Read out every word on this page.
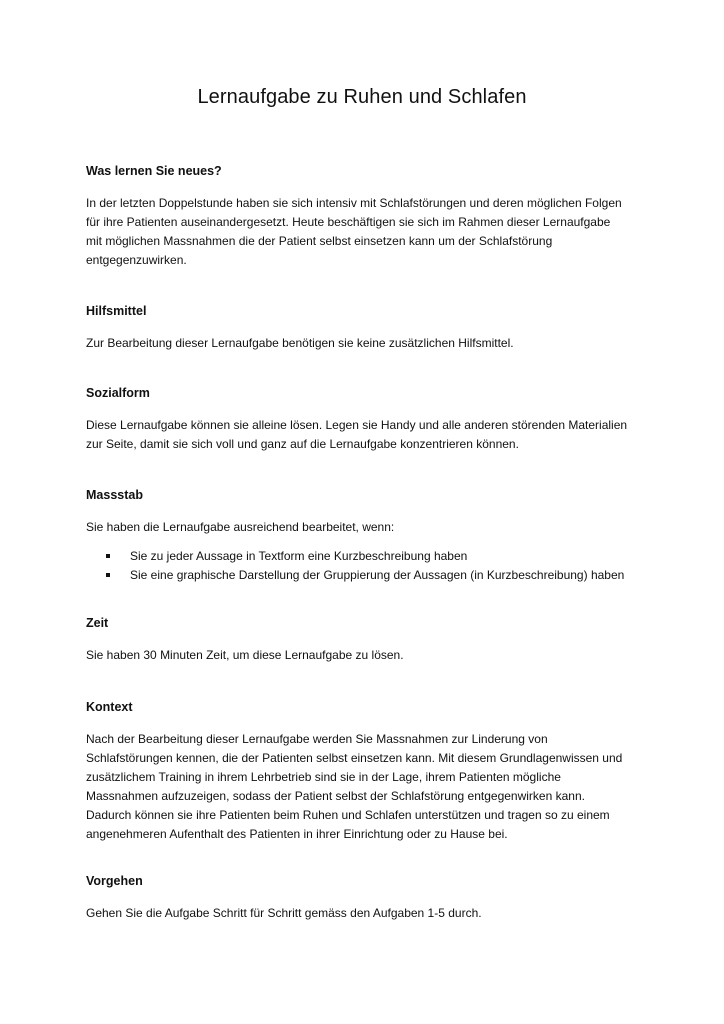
Lernaufgabe zu Ruhen und Schlafen
Was lernen Sie neues?

In der letzten Doppelstunde haben sie sich intensiv mit Schlafstörungen und deren möglichen Folgen

für ihre Patienten auseinandergesetzt. Heute beschäftigen sie sich im Rahmen dieser Lernaufgabe

mit möglichen Massnahmen die der Patient selbst einsetzen kann um der Schlafstörung

entgegenzuwirken.

Hilfsmittel

Zur Bearbeitung dieser Lernaufgabe benötigen sie keine zusätzlichen Hilfsmittel.

Sozialform

Diese Lernaufgabe können sie alleine lösen. Legen sie Handy und alle anderen störenden Materialien

zur Seite, damit sie sich voll und ganz auf die Lernaufgabe konzentrieren können.

Massstab

Sie haben die Lernaufgabe ausreichend bearbeitet, wenn:

Sie zu jeder Aussage in Textform eine Kurzbeschreibung haben
Sie eine graphische Darstellung der Gruppierung der Aussagen (in Kurzbeschreibung) haben
Zeit

Sie haben 30 Minuten Zeit, um diese Lernaufgabe zu lösen.

Kontext

Nach der Bearbeitung dieser Lernaufgabe werden Sie Massnahmen zur Linderung von

Schlafstörungen kennen, die der Patienten selbst einsetzen kann. Mit diesem Grundlagenwissen und

zusätzlichem Training in ihrem Lehrbetrieb sind sie in der Lage, ihrem Patienten mögliche

Massnahmen aufzuzeigen, sodass der Patient selbst der Schlafstörung entgegenwirken kann.

Dadurch können sie ihre Patienten beim Ruhen und Schlafen unterstützen und tragen so zu einem

angenehmeren Aufenthalt des Patienten in ihrer Einrichtung oder zu Hause bei.

Vorgehen

Gehen Sie die Aufgabe Schritt für Schritt gemäss den Aufgaben 1-5 durch.
